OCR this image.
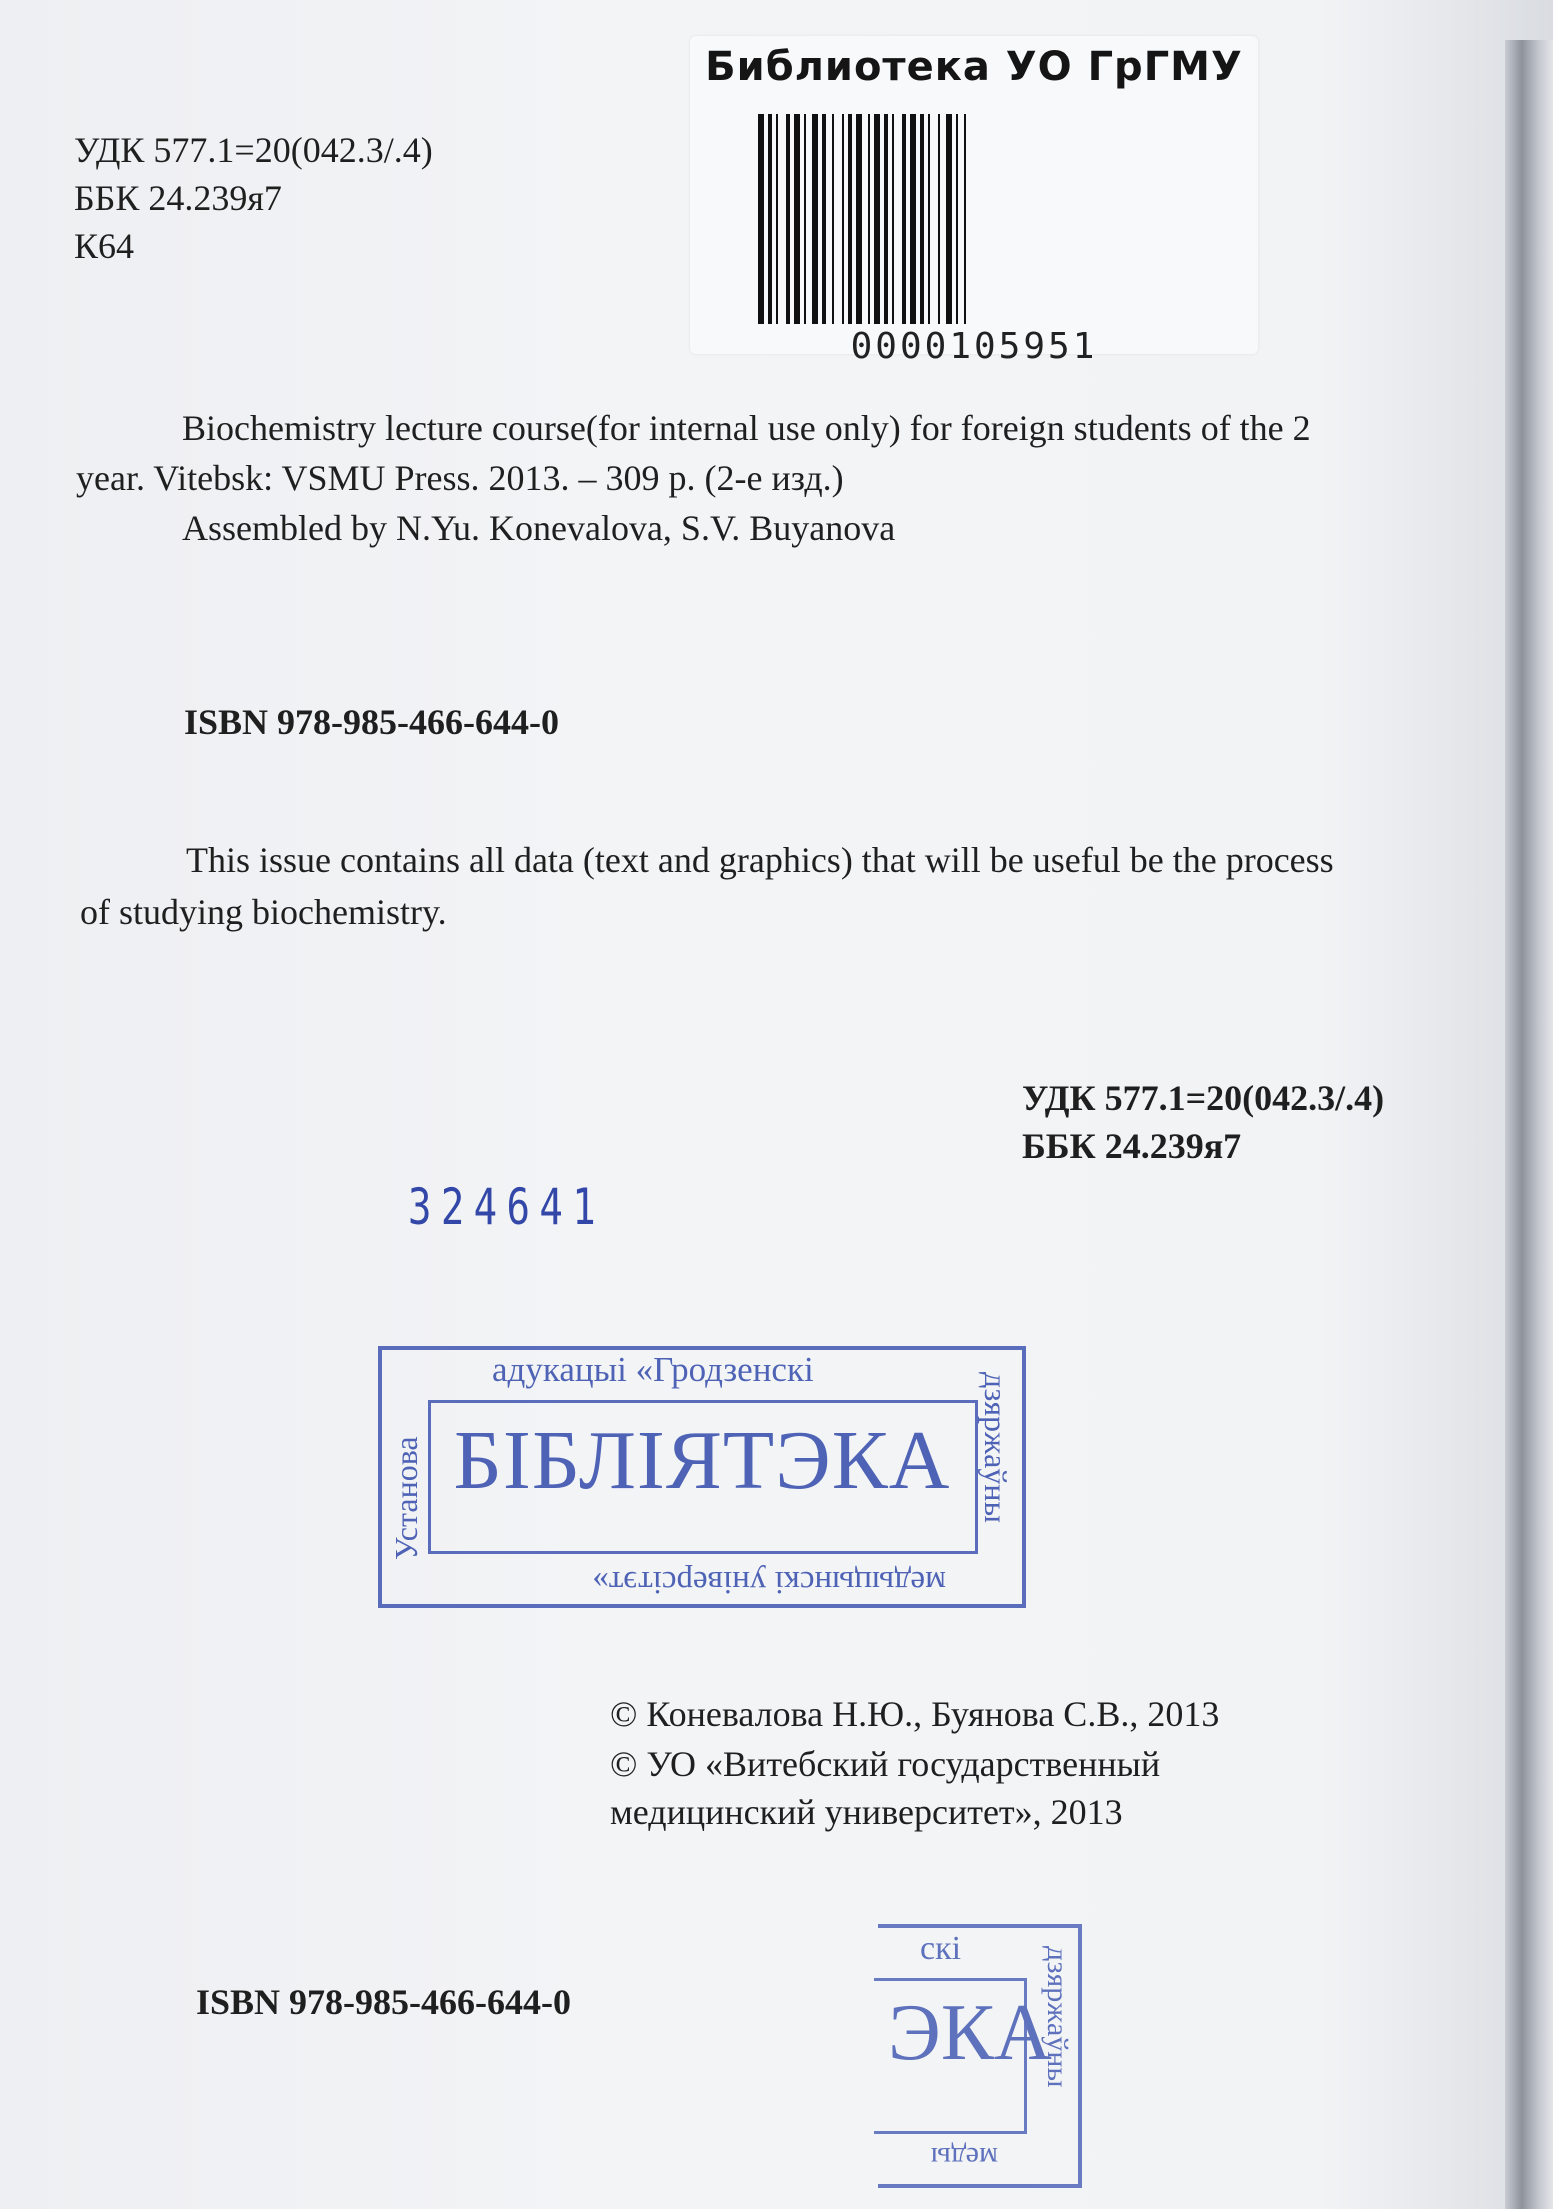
УДК 577.1=20(042.3/.4)
ББК 24.239я7
К64
Библиотека УО ГрГМУ
0000105951
Biochemistry lecture course(for internal use only) for foreign students of the 2
year. Vitebsk: VSMU Press. 2013. – 309 p. (2-е изд.)
Assembled by N.Yu. Konevalova, S.V. Buyanova
ISBN 978-985-466-644-0
This issue contains all data (text and graphics) that will be useful be the process
of studying biochemistry.
УДК 577.1=20(042.3/.4)
ББК 24.239я7
324641
адукацыі «Гродзенскі
БІБЛІЯТЭКА
медыцынскі універсітэт»
Установа	дзяржаўны
© Коневалова Н.Ю., Буянова С.В., 2013
© УО «Витебский государственный
медицинский университет», 2013
ISBN 978-985-466-644-0
скі
ЭКА
меды
дзяржаўны
